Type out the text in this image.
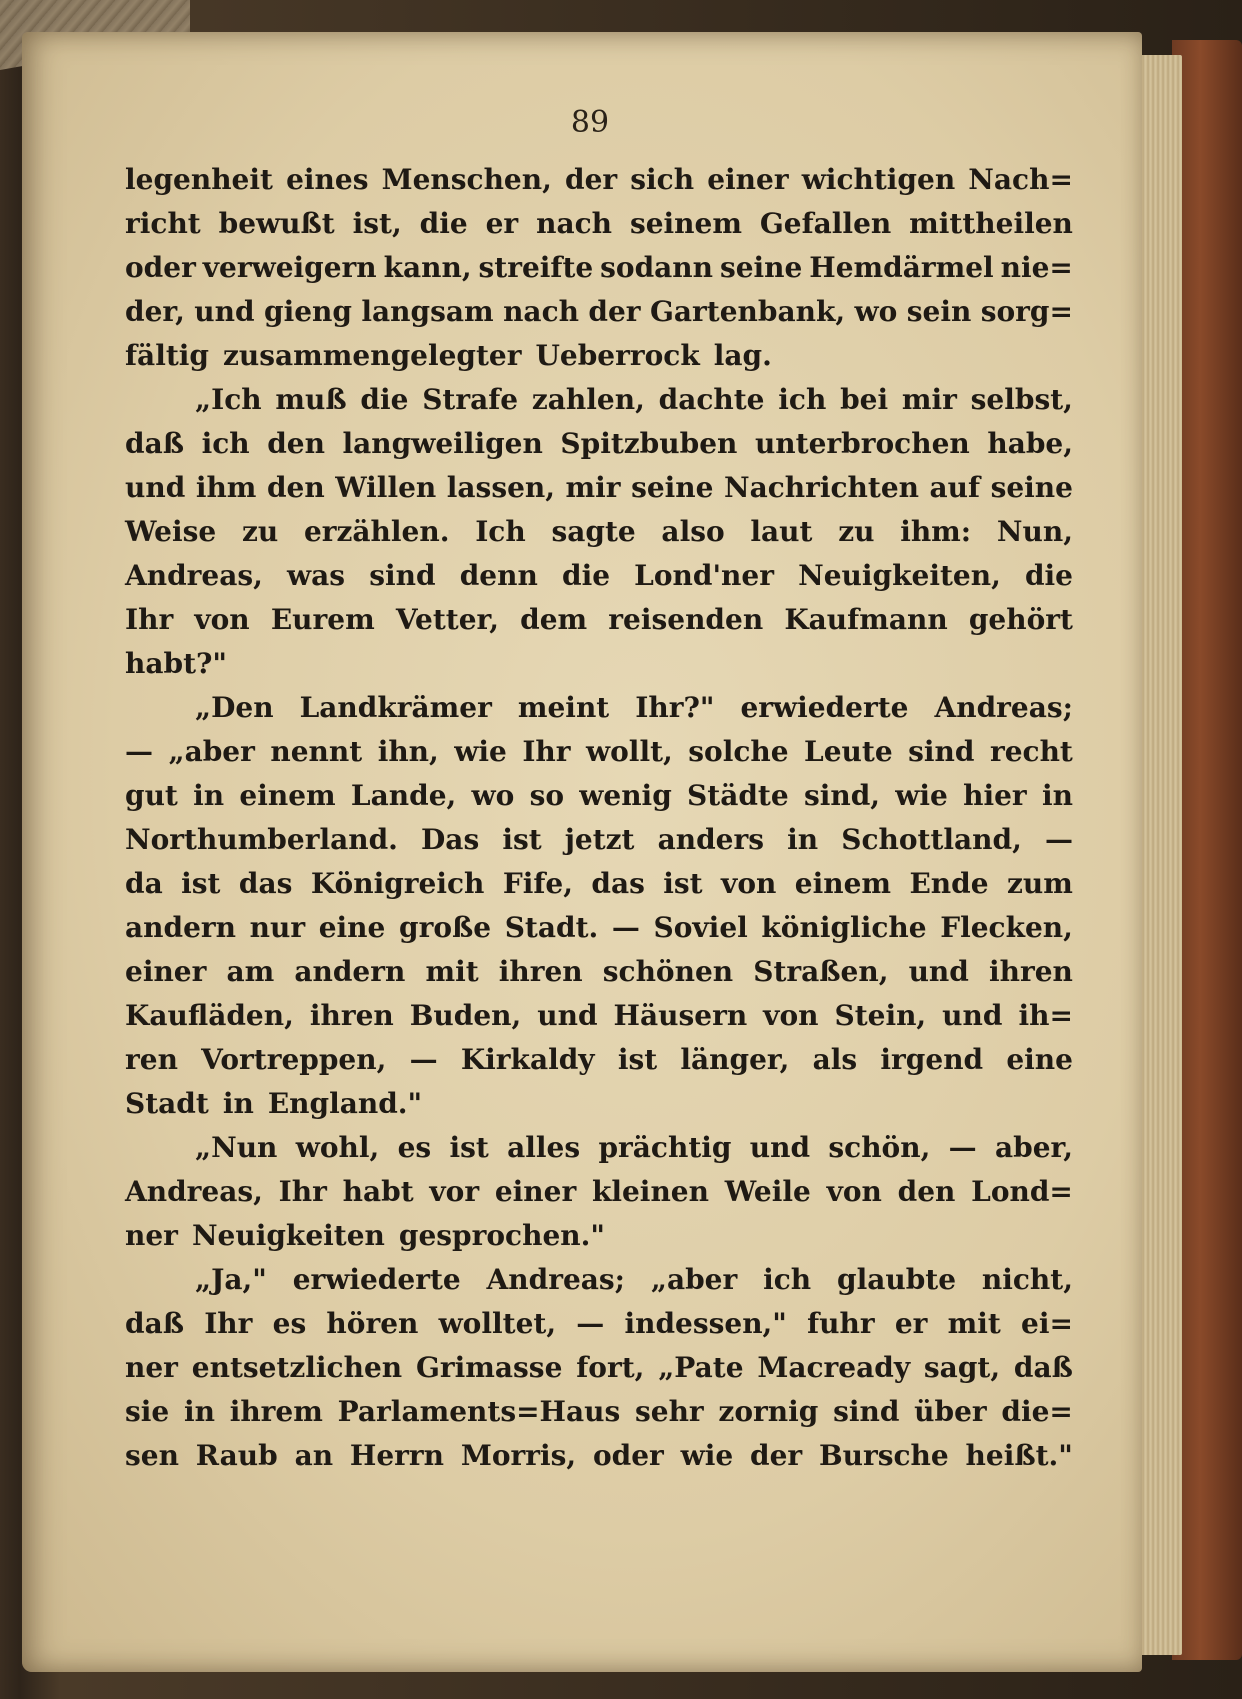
89
legenheit eines Menschen, der sich einer wichtigen Nach=
richt bewußt ist, die er nach seinem Gefallen mittheilen
oder verweigern kann, streifte sodann seine Hemdärmel nie=
der, und gieng langsam nach der Gartenbank, wo sein sorg=
fältig zusammengelegter Ueberrock lag.
„Ich muß die Strafe zahlen, dachte ich bei mir selbst,
daß ich den langweiligen Spitzbuben unterbrochen habe,
und ihm den Willen lassen, mir seine Nachrichten auf seine
Weise zu erzählen. Ich sagte also laut zu ihm: Nun,
Andreas, was sind denn die Lond'ner Neuigkeiten, die
Ihr von Eurem Vetter, dem reisenden Kaufmann gehört
habt?"
„Den Landkrämer meint Ihr?" erwiederte Andreas;
— „aber nennt ihn, wie Ihr wollt, solche Leute sind recht
gut in einem Lande, wo so wenig Städte sind, wie hier in
Northumberland. Das ist jetzt anders in Schottland, —
da ist das Königreich Fife, das ist von einem Ende zum
andern nur eine große Stadt. — Soviel königliche Flecken,
einer am andern mit ihren schönen Straßen, und ihren
Kaufläden, ihren Buden, und Häusern von Stein, und ih=
ren Vortreppen, — Kirkaldy ist länger, als irgend eine
Stadt in England."
„Nun wohl, es ist alles prächtig und schön, — aber,
Andreas, Ihr habt vor einer kleinen Weile von den Lond=
ner Neuigkeiten gesprochen."
„Ja," erwiederte Andreas; „aber ich glaubte nicht,
daß Ihr es hören wolltet, — indessen," fuhr er mit ei=
ner entsetzlichen Grimasse fort, „Pate Macready sagt, daß
sie in ihrem Parlaments=Haus sehr zornig sind über die=
sen Raub an Herrn Morris, oder wie der Bursche heißt."
